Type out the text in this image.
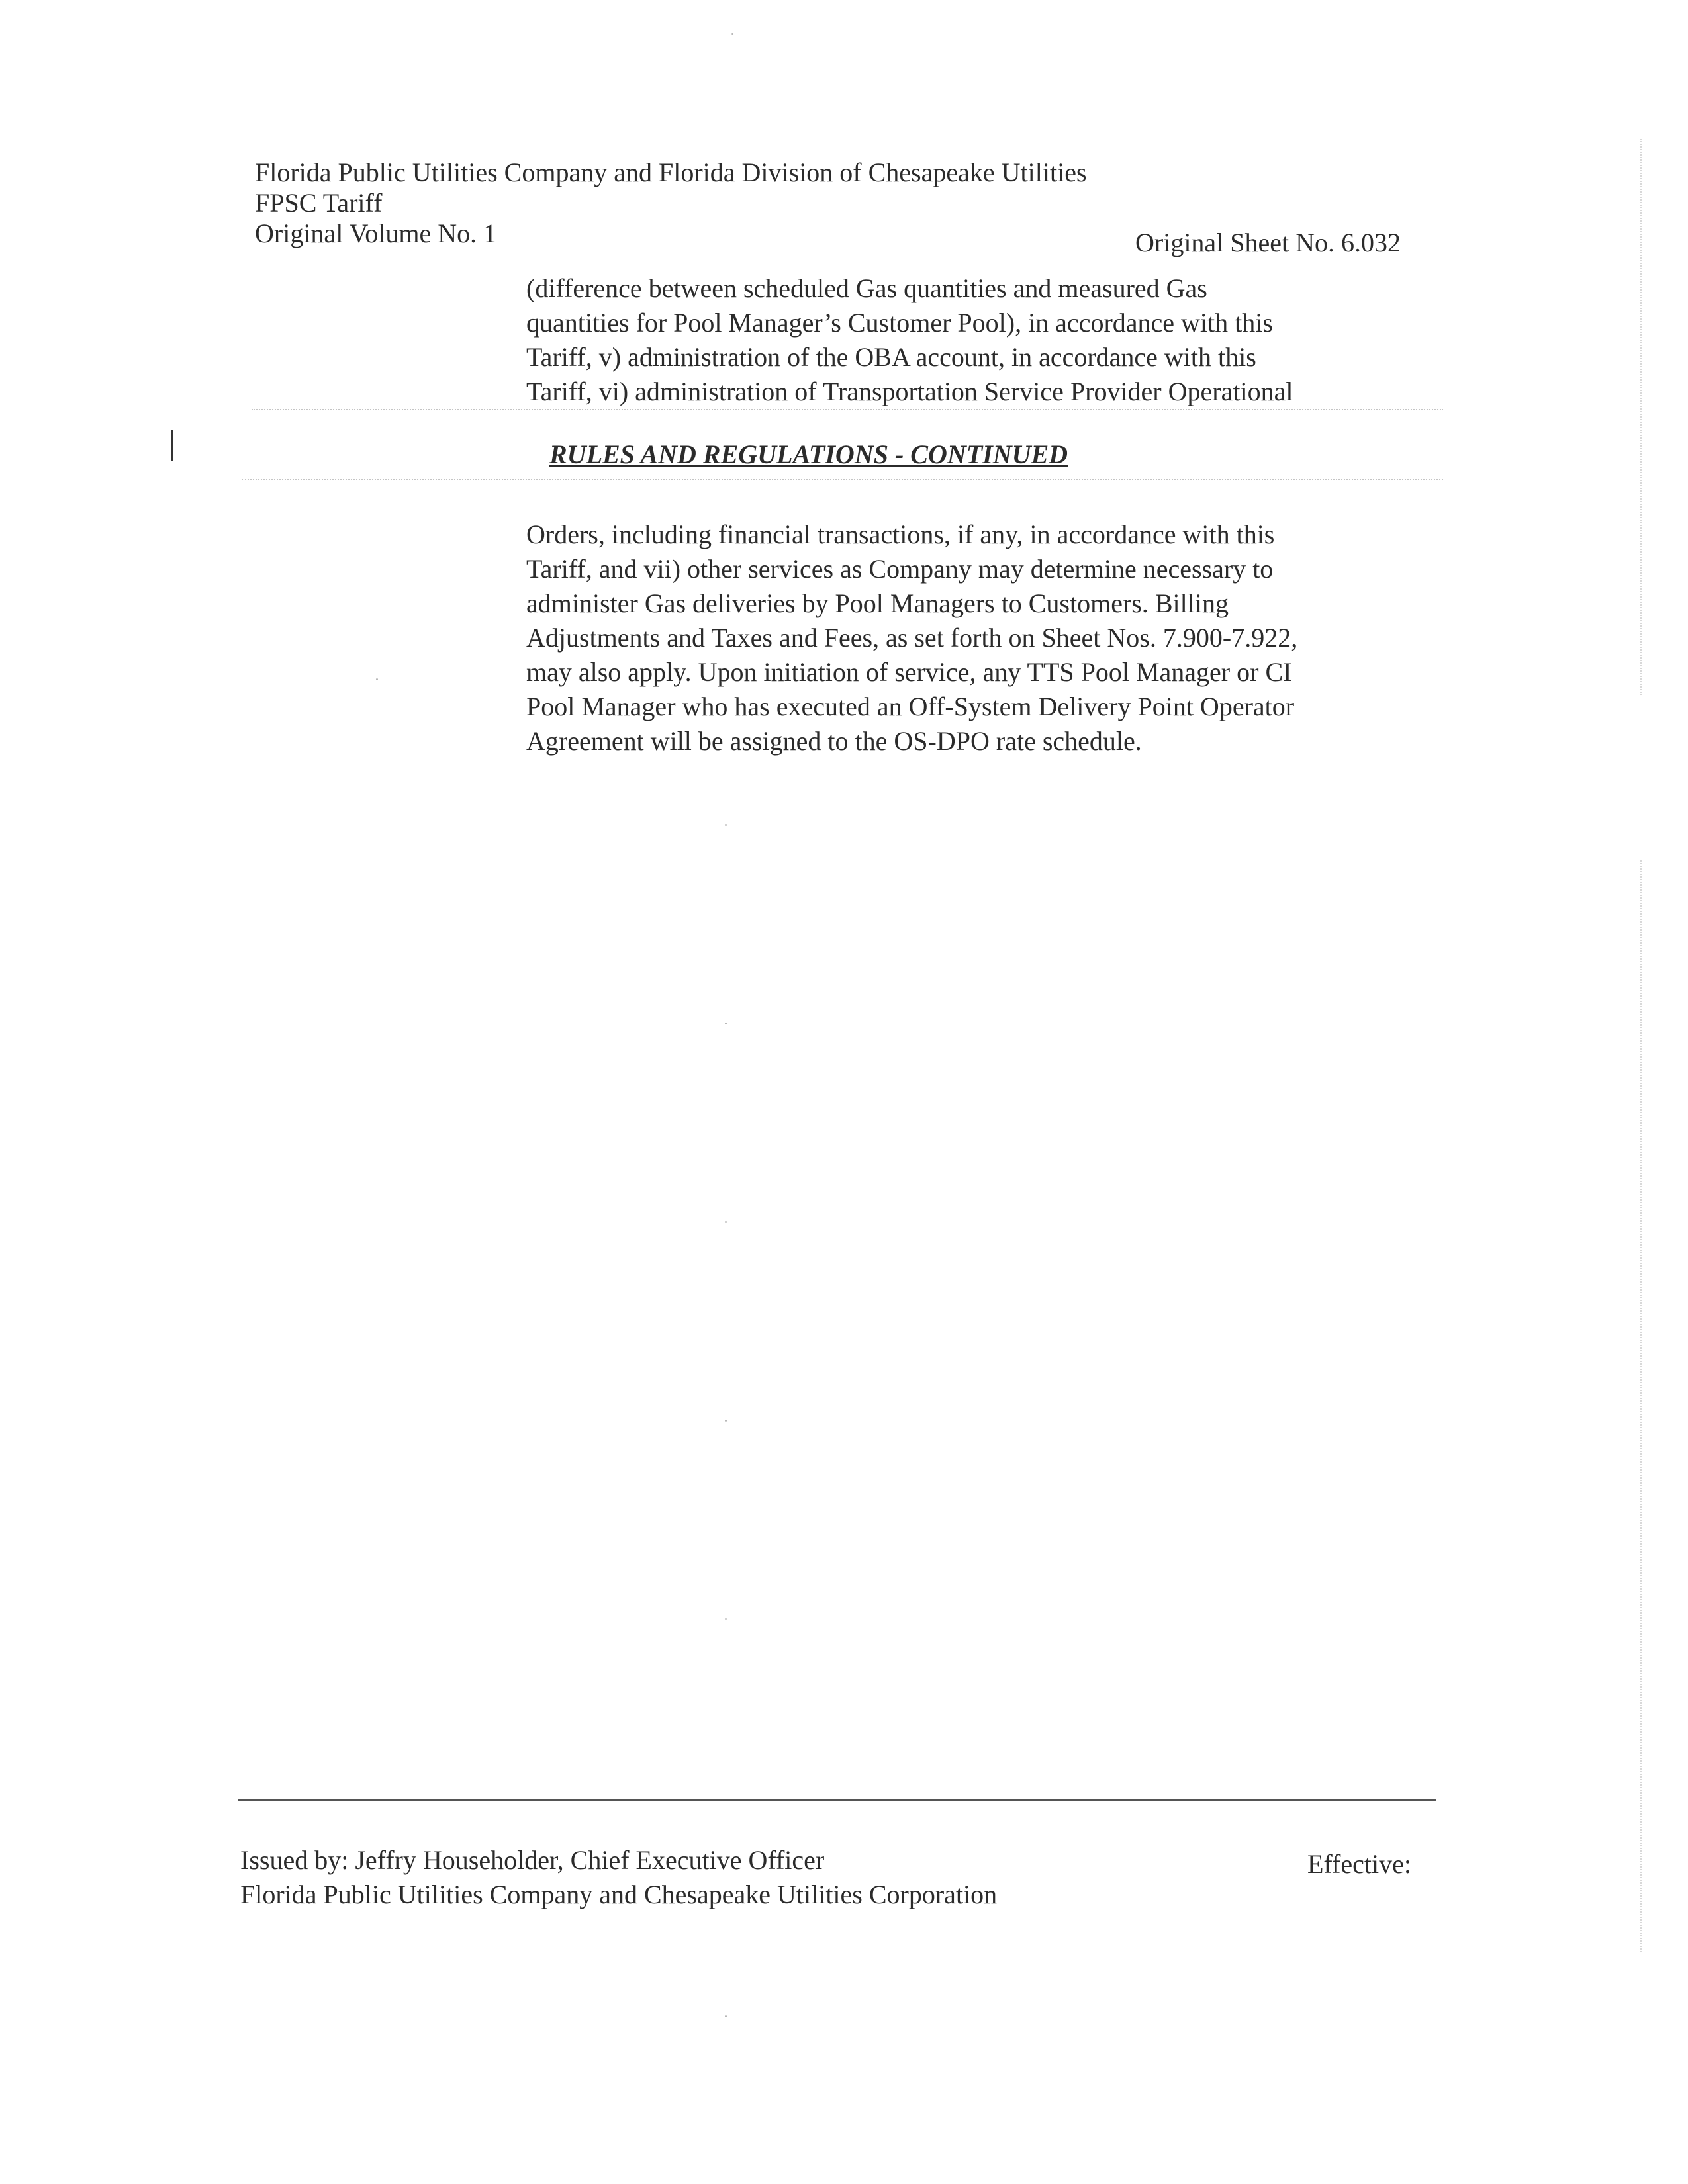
Florida Public Utilities Company and Florida Division of Chesapeake Utilities
FPSC Tariff
Original Volume No. 1	Original Sheet No. 6.032
(difference between scheduled Gas quantities and measured Gas
quantities for Pool Manager’s Customer Pool), in accordance with this
Tariff, v) administration of the OBA account, in accordance with this
Tariff, vi) administration of Transportation Service Provider Operational
RULES AND REGULATIONS - CONTINUED
Orders, including financial transactions, if any, in accordance with this
Tariff, and vii) other services as Company may determine necessary to
administer Gas deliveries by Pool Managers to Customers. Billing
Adjustments and Taxes and Fees, as set forth on Sheet Nos. 7.900-7.922,
may also apply. Upon initiation of service, any TTS Pool Manager or CI
Pool Manager who has executed an Off-System Delivery Point Operator
Agreement will be assigned to the OS-DPO rate schedule.
Issued by: Jeffry Householder, Chief Executive Officer
Florida Public Utilities Company and Chesapeake Utilities Corporation
Effective:
